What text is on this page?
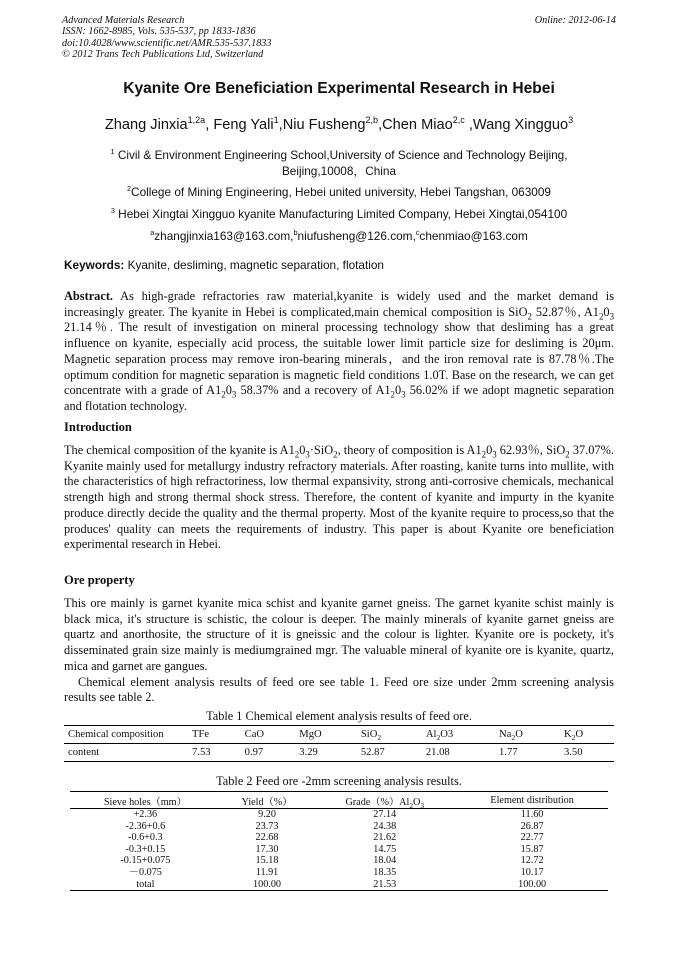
Advanced Materials Research
ISSN: 1662-8985, Vols. 535-537, pp 1833-1836
doi:10.4028/www.scientific.net/AMR.535-537.1833
© 2012 Trans Tech Publications Ltd, Switzerland
Online: 2012-06-14
Kyanite Ore Beneficiation Experimental Research in Hebei
Zhang Jinxia$^{1,2a}$, Feng Yali$^1$,Niu Fusheng$^{2,b}$,Chen Miao$^{2,c}$ ,Wang Xingguo$^3$
$^1$ Civil & Environment Engineering School,University of Science and Technology Beijing,
Beijing,10008，China
$^2$College of Mining Engineering, Hebei united university, Hebei Tangshan, 063009
$^3$ Hebei Xingtai Xingguo kyanite Manufacturing Limited Company, Hebei Xingtai,054100
$^a$zhangjinxia163@163.com,$^b$niufusheng@126.com,$^c$chenmiao@163.com
Keywords: Kyanite, desliming, magnetic separation, flotation
Abstract. As high-grade refractories raw material,kyanite is widely used and the market demand is increasingly greater. The kyanite in Hebei is complicated,main chemical composition is SiO$_2$ 52.87％, $A1_20_3$ 21.14％. The result of investigation on mineral processing technology show that desliming has a great influence on kyanite, especially acid process, the suitable lower limit particle size for desliming is 20μm. Magnetic separation process may remove iron-bearing minerals，and the iron removal rate is 87.78％.The optimum condition for magnetic separation is magnetic field conditions 1.0T. Base on the research, we can get concentrate with a grade of $A1_20_3$ 58.37% and a recovery of $A1_20_3$ 56.02% if we adopt magnetic separation and flotation technology.
Introduction
The chemical composition of the kyanite is $A1_20_3\cdot SiO_2$, theory of composition is $A1_20_3$ 62.93％, SiO$_2$ 37.07%. Kyanite mainly used for metallurgy industry refractory materials. After roasting, kanite turns into mullite, with the characteristics of high refractoriness, low thermal expansivity, strong anti-corrosive chemicals, mechanical strength high and strong thermal shock stress. Therefore, the content of kyanite and impurty in the kyanite produce directly decide the quality and the thermal property. Most of the kyanite require to process,so that the produces' quality can meets the requirements of industry. This paper is about Kyanite ore beneficiation experimental research in Hebei.
Ore property
This ore mainly is garnet kyanite mica schist and kyanite garnet gneiss. The garnet kyanite schist mainly is black mica, it's structure is schistic, the colour is deeper. The mainly minerals of kyanite garnet gneiss are quartz and anorthosite, the structure of it is gneissic and the colour is lighter. Kyanite ore is pockety, it's disseminated grain size mainly is mediumgrained mgr. The valuable mineral of kyanite ore is kyanite, quartz, mica and garnet are gangues.
Chemical element analysis results of feed ore see table 1. Feed ore size under 2mm screening analysis results see table 2.
Table 1 Chemical element analysis results of feed ore.
Chemical composition	TFe	CaO	MgO	SiO$_2$	$Al_2O3$	$Na_2O$	$K_2O$
content	7.53	0.97	3.29	52.87	21.08	1.77	3.50
Table 2 Feed ore -2mm screening analysis results.
Sieve holes（mm）	Yield（%）	$Grade(\%)Al_2O_3$	Element distribution
+2.36	9.20	27.14	11.60
-2.36+0.6	23.73	24.38	26.87
-0.6+0.3	22.68	21.62	22.77
-0.3+0.15	17.30	14.75	15.87
-0.15+0.075	15.18	18.04	12.72
－0.075	11.91	18.35	10.17
total	100.00	21.53	100.00
